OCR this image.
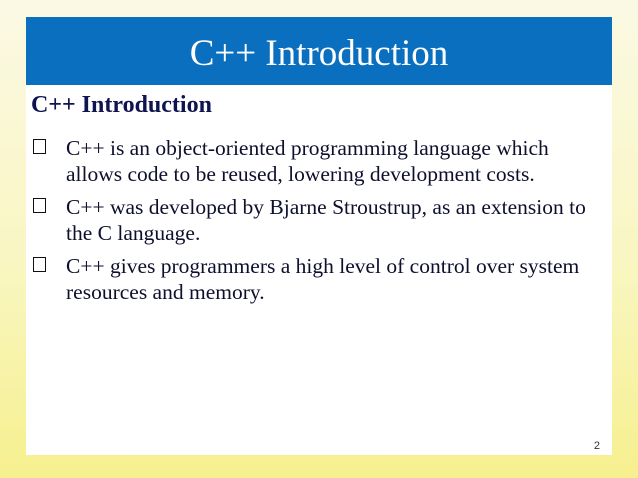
C++ Introduction
C++ Introduction
C++ is an object-oriented programming language which allows code to be reused, lowering development costs.
C++ was developed by Bjarne Stroustrup, as an extension to the C language.
C++ gives programmers a high level of control over system resources and memory.
2
